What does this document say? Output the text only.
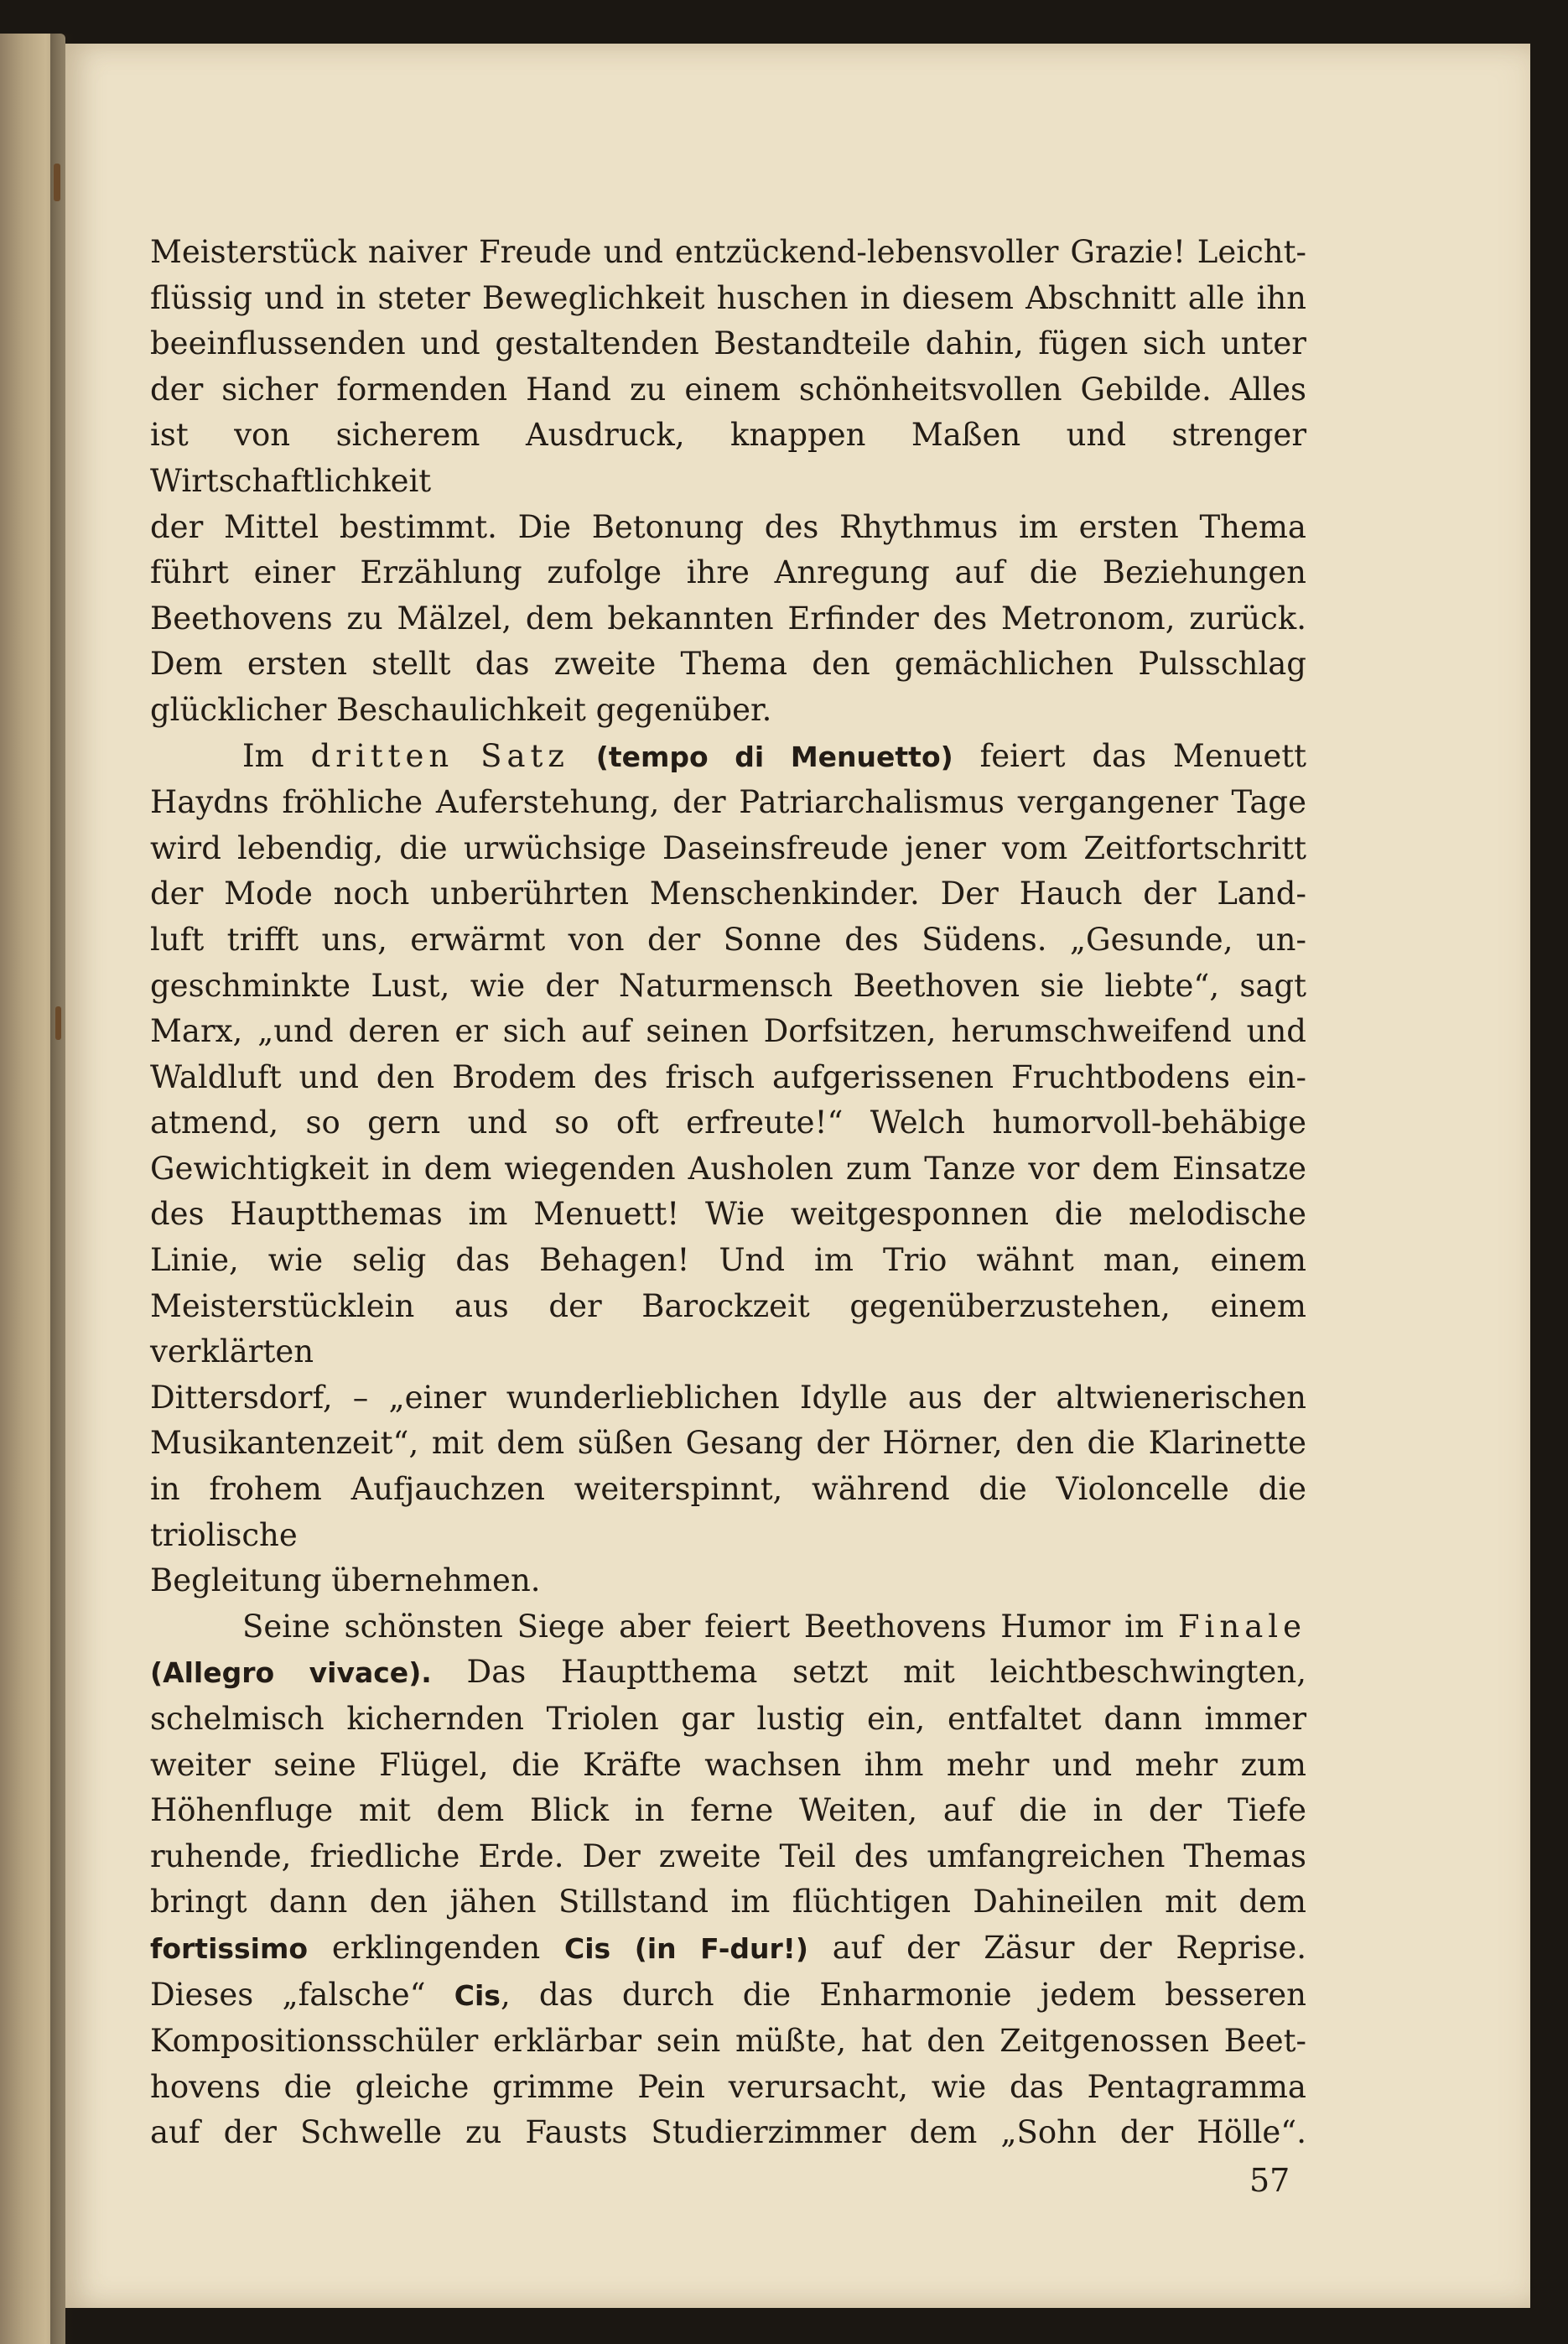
Meisterstück naiver Freude und entzückend-lebensvoller Grazie! Leicht-

flüssig und in steter Beweglichkeit huschen in diesem Abschnitt alle ihn

beeinflussenden und gestaltenden Bestandteile dahin, fügen sich unter

der sicher formenden Hand zu einem schönheitsvollen Gebilde. Alles

ist von sicherem Ausdruck, knappen Maßen und strenger Wirtschaftlichkeit

der Mittel bestimmt. Die Betonung des Rhythmus im ersten Thema

führt einer Erzählung zufolge ihre Anregung auf die Beziehungen

Beethovens zu Mälzel, dem bekannten Erfinder des Metronom, zurück.

Dem ersten stellt das zweite Thema den gemächlichen Pulsschlag

glücklicher Beschaulichkeit gegenüber.

Im dritten Satz (tempo di Menuetto) feiert das Menuett

Haydns fröhliche Auferstehung, der Patriarchalismus vergangener Tage

wird lebendig, die urwüchsige Daseinsfreude jener vom Zeitfortschritt

der Mode noch unberührten Menschenkinder. Der Hauch der Land-

luft trifft uns, erwärmt von der Sonne des Südens. „Gesunde, un-

geschminkte Lust, wie der Naturmensch Beethoven sie liebte“, sagt

Marx, „und deren er sich auf seinen Dorfsitzen, herumschweifend und

Waldluft und den Brodem des frisch aufgerissenen Fruchtbodens ein-

atmend, so gern und so oft erfreute!“ Welch humorvoll-behäbige

Gewichtigkeit in dem wiegenden Ausholen zum Tanze vor dem Einsatze

des Hauptthemas im Menuett! Wie weitgesponnen die melodische

Linie, wie selig das Behagen! Und im Trio wähnt man, einem

Meisterstücklein aus der Barockzeit gegenüberzustehen, einem verklärten

Dittersdorf, – „einer wunderlieblichen Idylle aus der altwienerischen

Musikantenzeit“, mit dem süßen Gesang der Hörner, den die Klarinette

in frohem Aufjauchzen weiterspinnt, während die Violoncelle die triolische

Begleitung übernehmen.

Seine schönsten Siege aber feiert Beethovens Humor im Finale

(Allegro vivace). Das Hauptthema setzt mit leichtbeschwingten,

schelmisch kichernden Triolen gar lustig ein, entfaltet dann immer

weiter seine Flügel, die Kräfte wachsen ihm mehr und mehr zum

Höhenfluge mit dem Blick in ferne Weiten, auf die in der Tiefe

ruhende, friedliche Erde. Der zweite Teil des umfangreichen Themas

bringt dann den jähen Stillstand im flüchtigen Dahineilen mit dem

fortissimo erklingenden Cis (in F-dur!) auf der Zäsur der Reprise.

Dieses „falsche“ Cis, das durch die Enharmonie jedem besseren

Kompositionsschüler erklärbar sein müßte, hat den Zeitgenossen Beet-

hovens die gleiche grimme Pein verursacht, wie das Pentagramma

auf der Schwelle zu Fausts Studierzimmer dem „Sohn der Hölle“.

57
